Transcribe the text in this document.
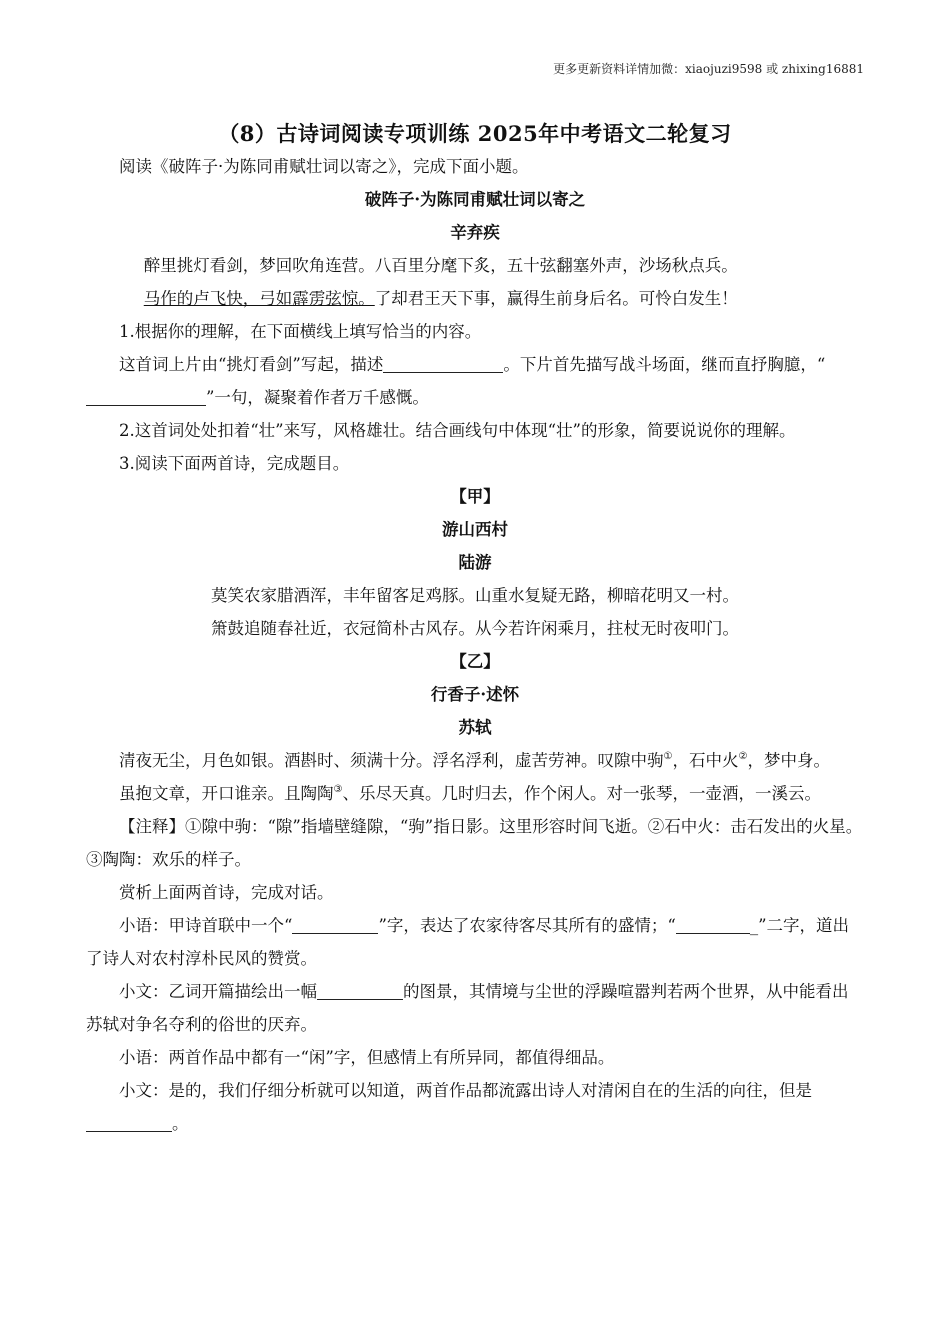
更多更新资料详情加微：xiaojuzi9598 或 zhixing16881
（8）古诗词阅读专项训练 2025年中考语文二轮复习

阅读《破阵子·为陈同甫赋壮词以寄之》，完成下面小题。

破阵子·为陈同甫赋壮词以寄之

辛弃疾

醉里挑灯看剑，梦回吹角连营。八百里分麾下炙，五十弦翻塞外声，沙场秋点兵。

马作的卢飞快，弓如霹雳弦惊。了却君王天下事，赢得生前身后名。可怜白发生！

1.根据你的理解，在下面横线上填写恰当的内容。

这首词上片由“挑灯看剑”写起，描述	。下片首先描写战斗场面，继而直抒胸臆，“”一句，凝聚着作者万千感慨。

2.这首词处处扣着“壮”来写，风格雄壮。结合画线句中体现“壮”的形象，简要说说你的理解。

3.阅读下面两首诗，完成题目。

【甲】

游山西村

陆游

莫笑农家腊酒浑，丰年留客足鸡豚。山重水复疑无路，柳暗花明又一村。

箫鼓追随春社近，衣冠简朴古风存。从今若许闲乘月，拄杖无时夜叩门。

【乙】

行香子·述怀

苏轼

清夜无尘，月色如银。酒斟时、须满十分。浮名浮利，虚苦劳神。叹隙中驹①，石中火②，梦中身。

虽抱文章，开口谁亲。且陶陶③、乐尽天真。几时归去，作个闲人。对一张琴，一壶酒，一溪云。

【注释】①隙中驹：“隙”指墙壁缝隙，“驹”指日影。这里形容时间飞逝。②石中火：击石发出的火星。③陶陶：欢乐的样子。

赏析上面两首诗，完成对话。

小语：甲诗首联中一个“	”字，表达了农家待客尽其所有的盛情；“	_”二字，道出了诗人对农村淳朴民风的赞赏。

小文：乙词开篇描绘出一幅	的图景，其情境与尘世的浮躁喧嚣判若两个世界，从中能看出苏轼对争名夺利的俗世的厌弃。

小语：两首作品中都有一“闲”字，但感情上有所异同，都值得细品。

小文：是的，我们仔细分析就可以知道，两首作品都流露出诗人对清闲自在的生活的向往，但是。
